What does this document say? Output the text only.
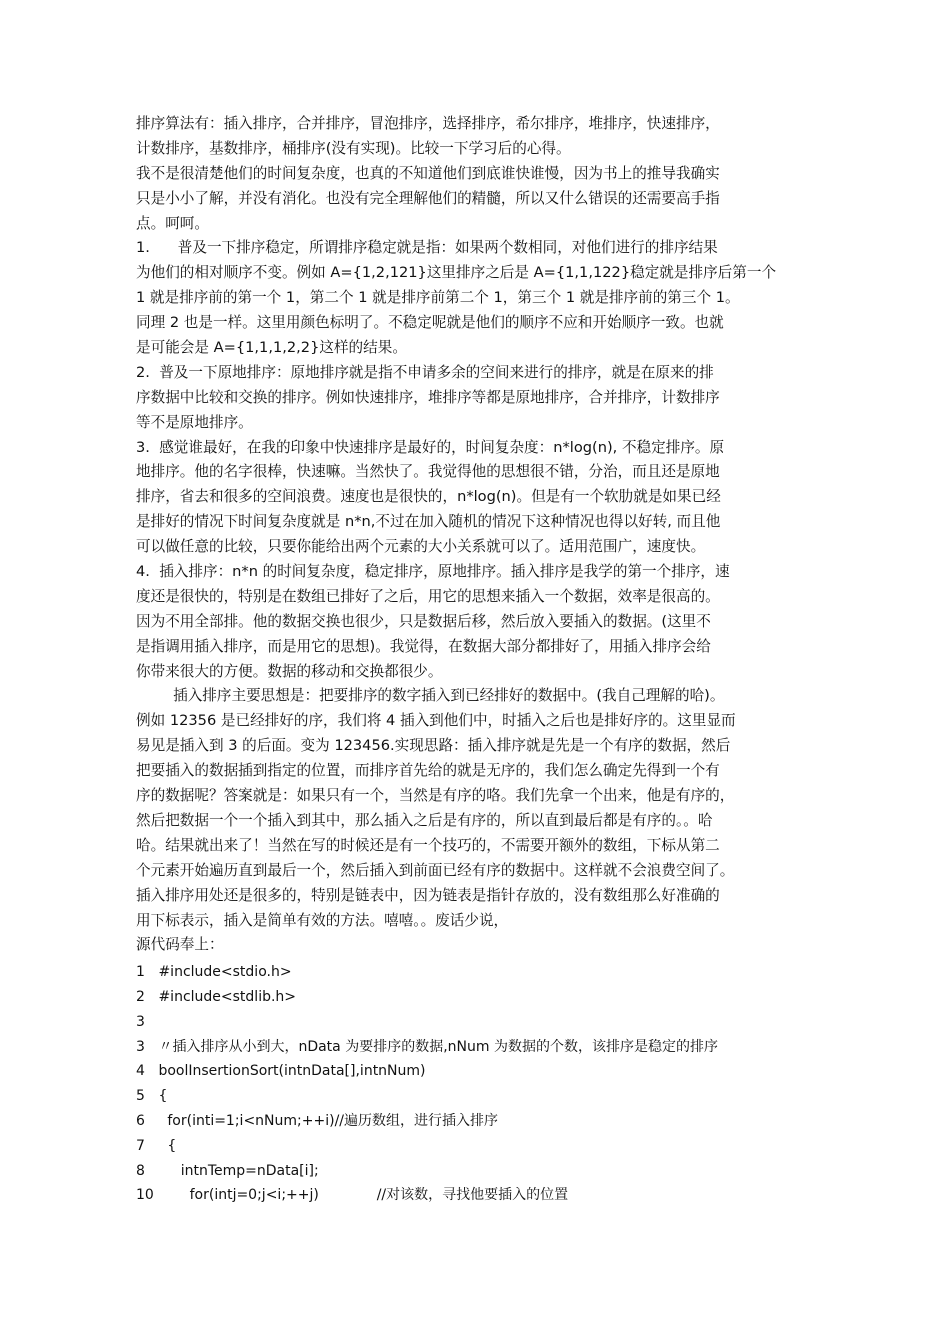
排序算法有：插入排序，合并排序，冒泡排序，选择排序，希尔排序，堆排序，快速排序，
计数排序，基数排序，桶排序(没有实现)。比较一下学习后的心得。
我不是很清楚他们的时间复杂度，也真的不知道他们到底谁快谁慢，因为书上的推导我确实
只是小小了解，并没有消化。也没有完全理解他们的精髓，所以又什么错误的还需要高手指
点。呵呵。
1.      普及一下排序稳定，所谓排序稳定就是指：如果两个数相同，对他们进行的排序结果
为他们的相对顺序不变。例如 A={1,2,121}这里排序之后是 A={1,1,122}稳定就是排序后第一个
1 就是排序前的第一个 1，第二个 1 就是排序前第二个 1，第三个 1 就是排序前的第三个 1。
同理 2 也是一样。这里用颜色标明了。不稳定呢就是他们的顺序不应和开始顺序一致。也就
是可能会是 A={1,1,1,2,2}这样的结果。
2.  普及一下原地排序：原地排序就是指不申请多余的空间来进行的排序，就是在原来的排
序数据中比较和交换的排序。例如快速排序，堆排序等都是原地排序，合并排序，计数排序
等不是原地排序。
3.  感觉谁最好，在我的印象中快速排序是最好的，时间复杂度：n*log(n), 不稳定排序。原
地排序。他的名字很棒，快速嘛。当然快了。我觉得他的思想很不错，分治，而且还是原地
排序，省去和很多的空间浪费。速度也是很快的，n*log(n)。但是有一个软肋就是如果已经
是排好的情况下时间复杂度就是 n*n,不过在加入随机的情况下这种情况也得以好转, 而且他
可以做任意的比较，只要你能给出两个元素的大小关系就可以了。适用范围广，速度快。
4.  插入排序：n*n 的时间复杂度，稳定排序，原地排序。插入排序是我学的第一个排序，速
度还是很快的，特别是在数组已排好了之后，用它的思想来插入一个数据，效率是很高的。
因为不用全部排。他的数据交换也很少，只是数据后移，然后放入要插入的数据。(这里不
是指调用插入排序，而是用它的思想)。我觉得，在数据大部分都排好了，用插入排序会给
你带来很大的方便。数据的移动和交换都很少。
插入排序主要思想是：把要排序的数字插入到已经排好的数据中。(我自己理解的哈)。
例如 12356 是已经排好的序，我们将 4 插入到他们中，时插入之后也是排好序的。这里显而
易见是插入到 3 的后面。变为 123456.实现思路：插入排序就是先是一个有序的数据，然后
把要插入的数据插到指定的位置，而排序首先给的就是无序的，我们怎么确定先得到一个有
序的数据呢？答案就是：如果只有一个，当然是有序的咯。我们先拿一个出来，他是有序的，
然后把数据一个一个插入到其中，那么插入之后是有序的，所以直到最后都是有序的。。哈
哈。结果就出来了！当然在写的时候还是有一个技巧的，不需要开额外的数组，下标从第二
个元素开始遍历直到最后一个，然后插入到前面已经有序的数据中。这样就不会浪费空间了。
插入排序用处还是很多的，特别是链表中，因为链表是指针存放的，没有数组那么好准确的
用下标表示，插入是简单有效的方法。嘻嘻。。废话少说，
源代码奉上：
1 #include<stdio.h>
2 #include<stdlib.h>
3
3 〃插入排序从小到大，nData 为要排序的数据,nNum 为数据的个数，该排序是稳定的排序
4 boolInsertionSort(intnData[],intnNum)
5 {
6   for(inti=1;i<nNum;++i)//遍历数组，进行插入排序
7   {
8      intnTemp=nData[i];
10        for(intj=0;j<i;++j)             //对该数，寻找他要插入的位置
